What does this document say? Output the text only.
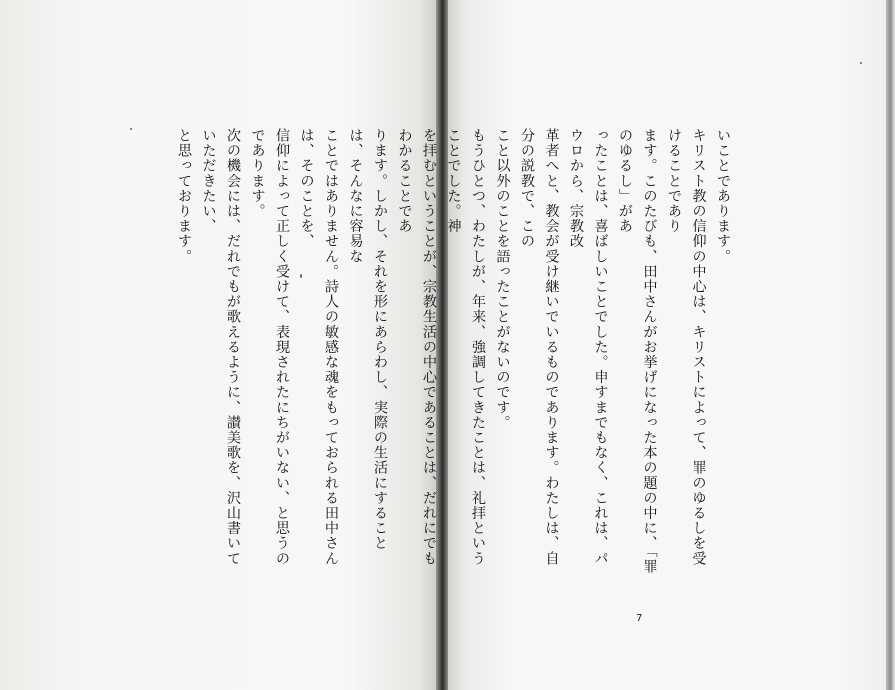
いことであります。

キリスト教の信仰の中心は、キリストによって、罪のゆるしを受けることであり

ます。このたびも、田中さんがお挙げになった本の題の中に、「罪のゆるし」があ

ったことは、喜ばしいことでした。申すまでもなく、これは、パウロから、宗教改

革者へと、教会が受け継いでいるものであります。わたしは、自分の説教で、この

こと以外のことを語ったことがないのです。

もうひとつ、わたしが、年来、強調してきたことは、礼拝ということでした。神

を拝むということが、宗教生活の中心であることは、だれにでもわかることであ

ります。しかし、それを形にあらわし、実際の生活にすることは、そんなに容易な

ことではありません。詩人の敏感な魂をもっておられる田中さんは、そのことを、

信仰によって正しく受けて、表現されたにちがいない、と思うのであります。

次の機会には、だれでもが歌えるように、讃美歌を、沢山書いていただきたい、

と思っております。

7
